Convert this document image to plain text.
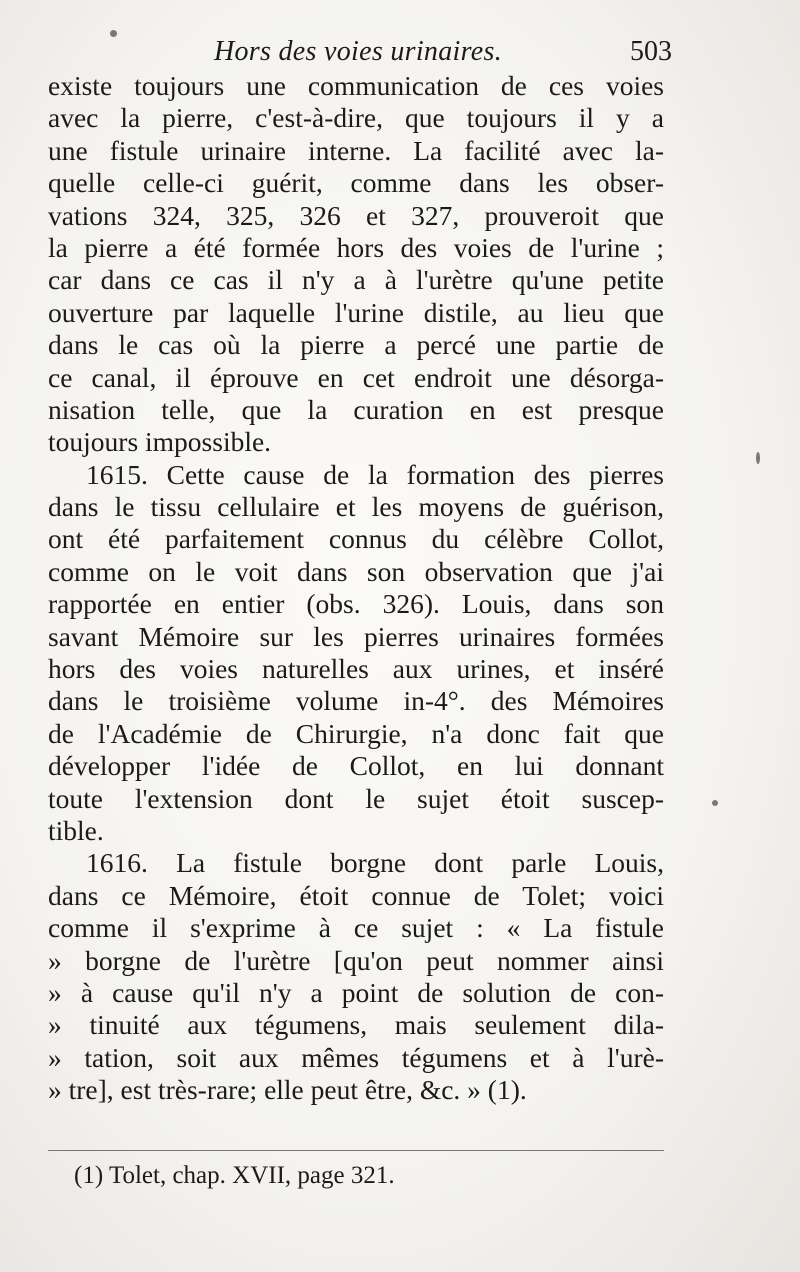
Hors des voies urinaires.	503
existe toujours une communication de ces voies
avec la pierre, c'est-à-dire, que toujours il y a
une fistule urinaire interne. La facilité avec la-
quelle celle-ci guérit, comme dans les obser-
vations 324, 325, 326 et 327, prouveroit que
la pierre a été formée hors des voies de l'urine ;
car dans ce cas il n'y a à l'urètre qu'une petite
ouverture par laquelle l'urine distile, au lieu que
dans le cas où la pierre a percé une partie de
ce canal, il éprouve en cet endroit une désorga-
nisation telle, que la curation en est presque
toujours impossible.
1615. Cette cause de la formation des pierres
dans le tissu cellulaire et les moyens de guérison,
ont été parfaitement connus du célèbre Collot,
comme on le voit dans son observation que j'ai
rapportée en entier (obs. 326). Louis, dans son
savant Mémoire sur les pierres urinaires formées
hors des voies naturelles aux urines, et inséré
dans le troisième volume in-4°. des Mémoires
de l'Académie de Chirurgie, n'a donc fait que
développer l'idée de Collot, en lui donnant
toute l'extension dont le sujet étoit suscep-
tible.
1616. La fistule borgne dont parle Louis,
dans ce Mémoire, étoit connue de Tolet; voici
comme il s'exprime à ce sujet : « La fistule
» borgne de l'urètre [qu'on peut nommer ainsi
» à cause qu'il n'y a point de solution de con-
» tinuité aux tégumens, mais seulement dila-
» tation, soit aux mêmes tégumens et à l'urè-
» tre], est très-rare; elle peut être, &c. » (1).
(1) Tolet, chap. XVII, page 321.
